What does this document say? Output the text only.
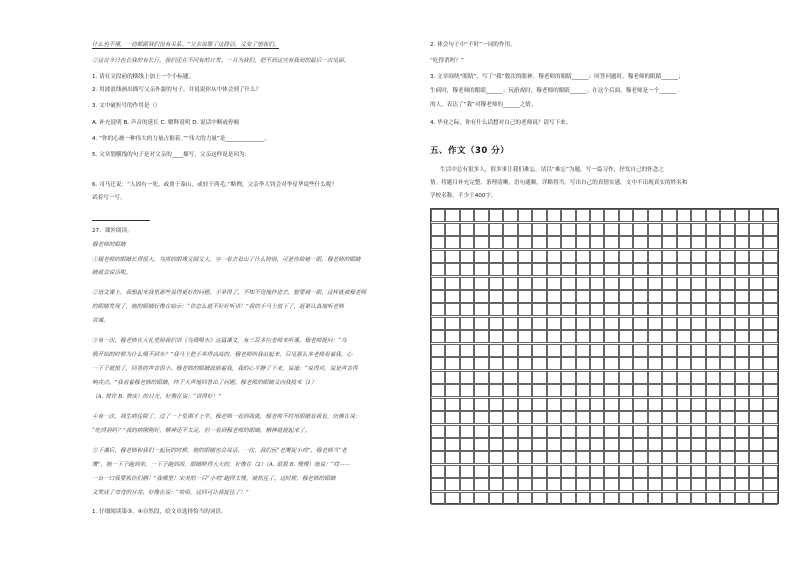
什么也不懂，一切都跟我们没有关系。”父亲说罢了这段话，又变了望我们。
②这首今日也长我的有长行。我们还在不同有的计发。一月为我们。把不到这究有我而的最后一次见面。
1. 请在文段前的横线上加上一个小标题。
2. 用波浪线画出描写父亲外貌的句子，并说说你从中体会到了什么？
3. 文中破折号的作用是（）
A. 补充说明 B. 声音的延长 C. 解释说明 D. 说话中断或停顿
4. “你的心被一种伟大的力量占据着。”“伟大的力量”是______________。
5. 文章划横线的句子是对父亲的____描写，父亲这样说是因为：
6. 司马迁说：“人固有一死，或重于泰山，或轻于鸿毛。”略例，父亲李大钊会对李星华说些什么呢？
试着写一写。
27、课外阅读。
穆老师的眼睛
①穆老师的眼睛长得很大，乌黑的眼珠又圆又大，字一看去看出了什么特别，可是你给她一眼，穆老师的眼睛
睛就会说话呢。
②语文课上，我想起来我里那些说得更好的问题，手举得了。不知不觉地抄进去，想要被一眼，这样就被穆老师
的眼睛发现了，她的眼睛好像在暗示：“你怎么就不好好听讲！”我的手马上放下了，赶紧认真地听老师
讲课。
③有一次，穆老师在大礼堂给我们讲《乌鸦喝水》这篇课文，有三百多位老师来听课。穆老师提问：“乌
鸦开始的时候为什么喝不到水？”我马上把手举得高高的。穆老师叫我站起来，只见那么多老师看着我，心
一下子就慌了，回答的声音很小。穆老师的眼睛鼓励着我，我的心平静了下来，说道：“说得对，说是声音再
响亮点。”我看着穆老师的眼睛，终于大声地回答出了问题。穆老师的眼睛又向我投来（1）
（A. 赞许 B. 赞成）的目光，好像在说：“讲得好！”
④有一次，我生病住院了，过了一个星期才上学。穆老师一看到我就，穆老师不时用眼睛看我看，仿佛在说：
“吃得消吗？”我的病刚刚好，精神还不太足，但一看到穆老师的眼睛，精神就提起来了。
⑤下课后，穆老师和我们一起玩的时候，她的眼睛也会说话。一次，我们玩“老鹰捉小鸡”，穆老师当“老
鹰”，她一下子跑到东，一下子跑到西，眼睛睁得大大的，好像在（2）（A. 狠狠 B. 慢慢）地说：“哎——
一台一口我要抓你们俩！”我哪里！宋美的一只“小鸡”跑得太慢，被抓住了。这时候，穆老师的眼睛
又笑成了弯弯的月亮，好像在说：“哈哈，这回可让我捉住了！”
1. 仔细阅读第③、④自然段，给文章选择恰当的词语。
2. 体会句子中“不时”一词的作用。
“吃得消吗？”
3. 文章围绕“眼睛”，写了“我”数次的眼神。穆老师的眼睛______；回答问题时，穆老师的眼睛______；
生病时，穆老师的眼睛______；玩游戏时，穆老师的眼睛______。在这个后面，穆老师是一个______
的人，表达了“我”对穆老师的______之情。
4. 毕业之际，你有什么话想对自己的老师说？请写下来。
五、作文（30 分）
生活中总有很多人，很多事让我们难忘，请以“难忘”为题，写一篇习作，抒发自己的怀念之
情。将题目补充完整，条理清晰，语句通顺，详略得当，写出自己的真情实感。文中不出现真实的姓名和
学校名称。不少于400字。
